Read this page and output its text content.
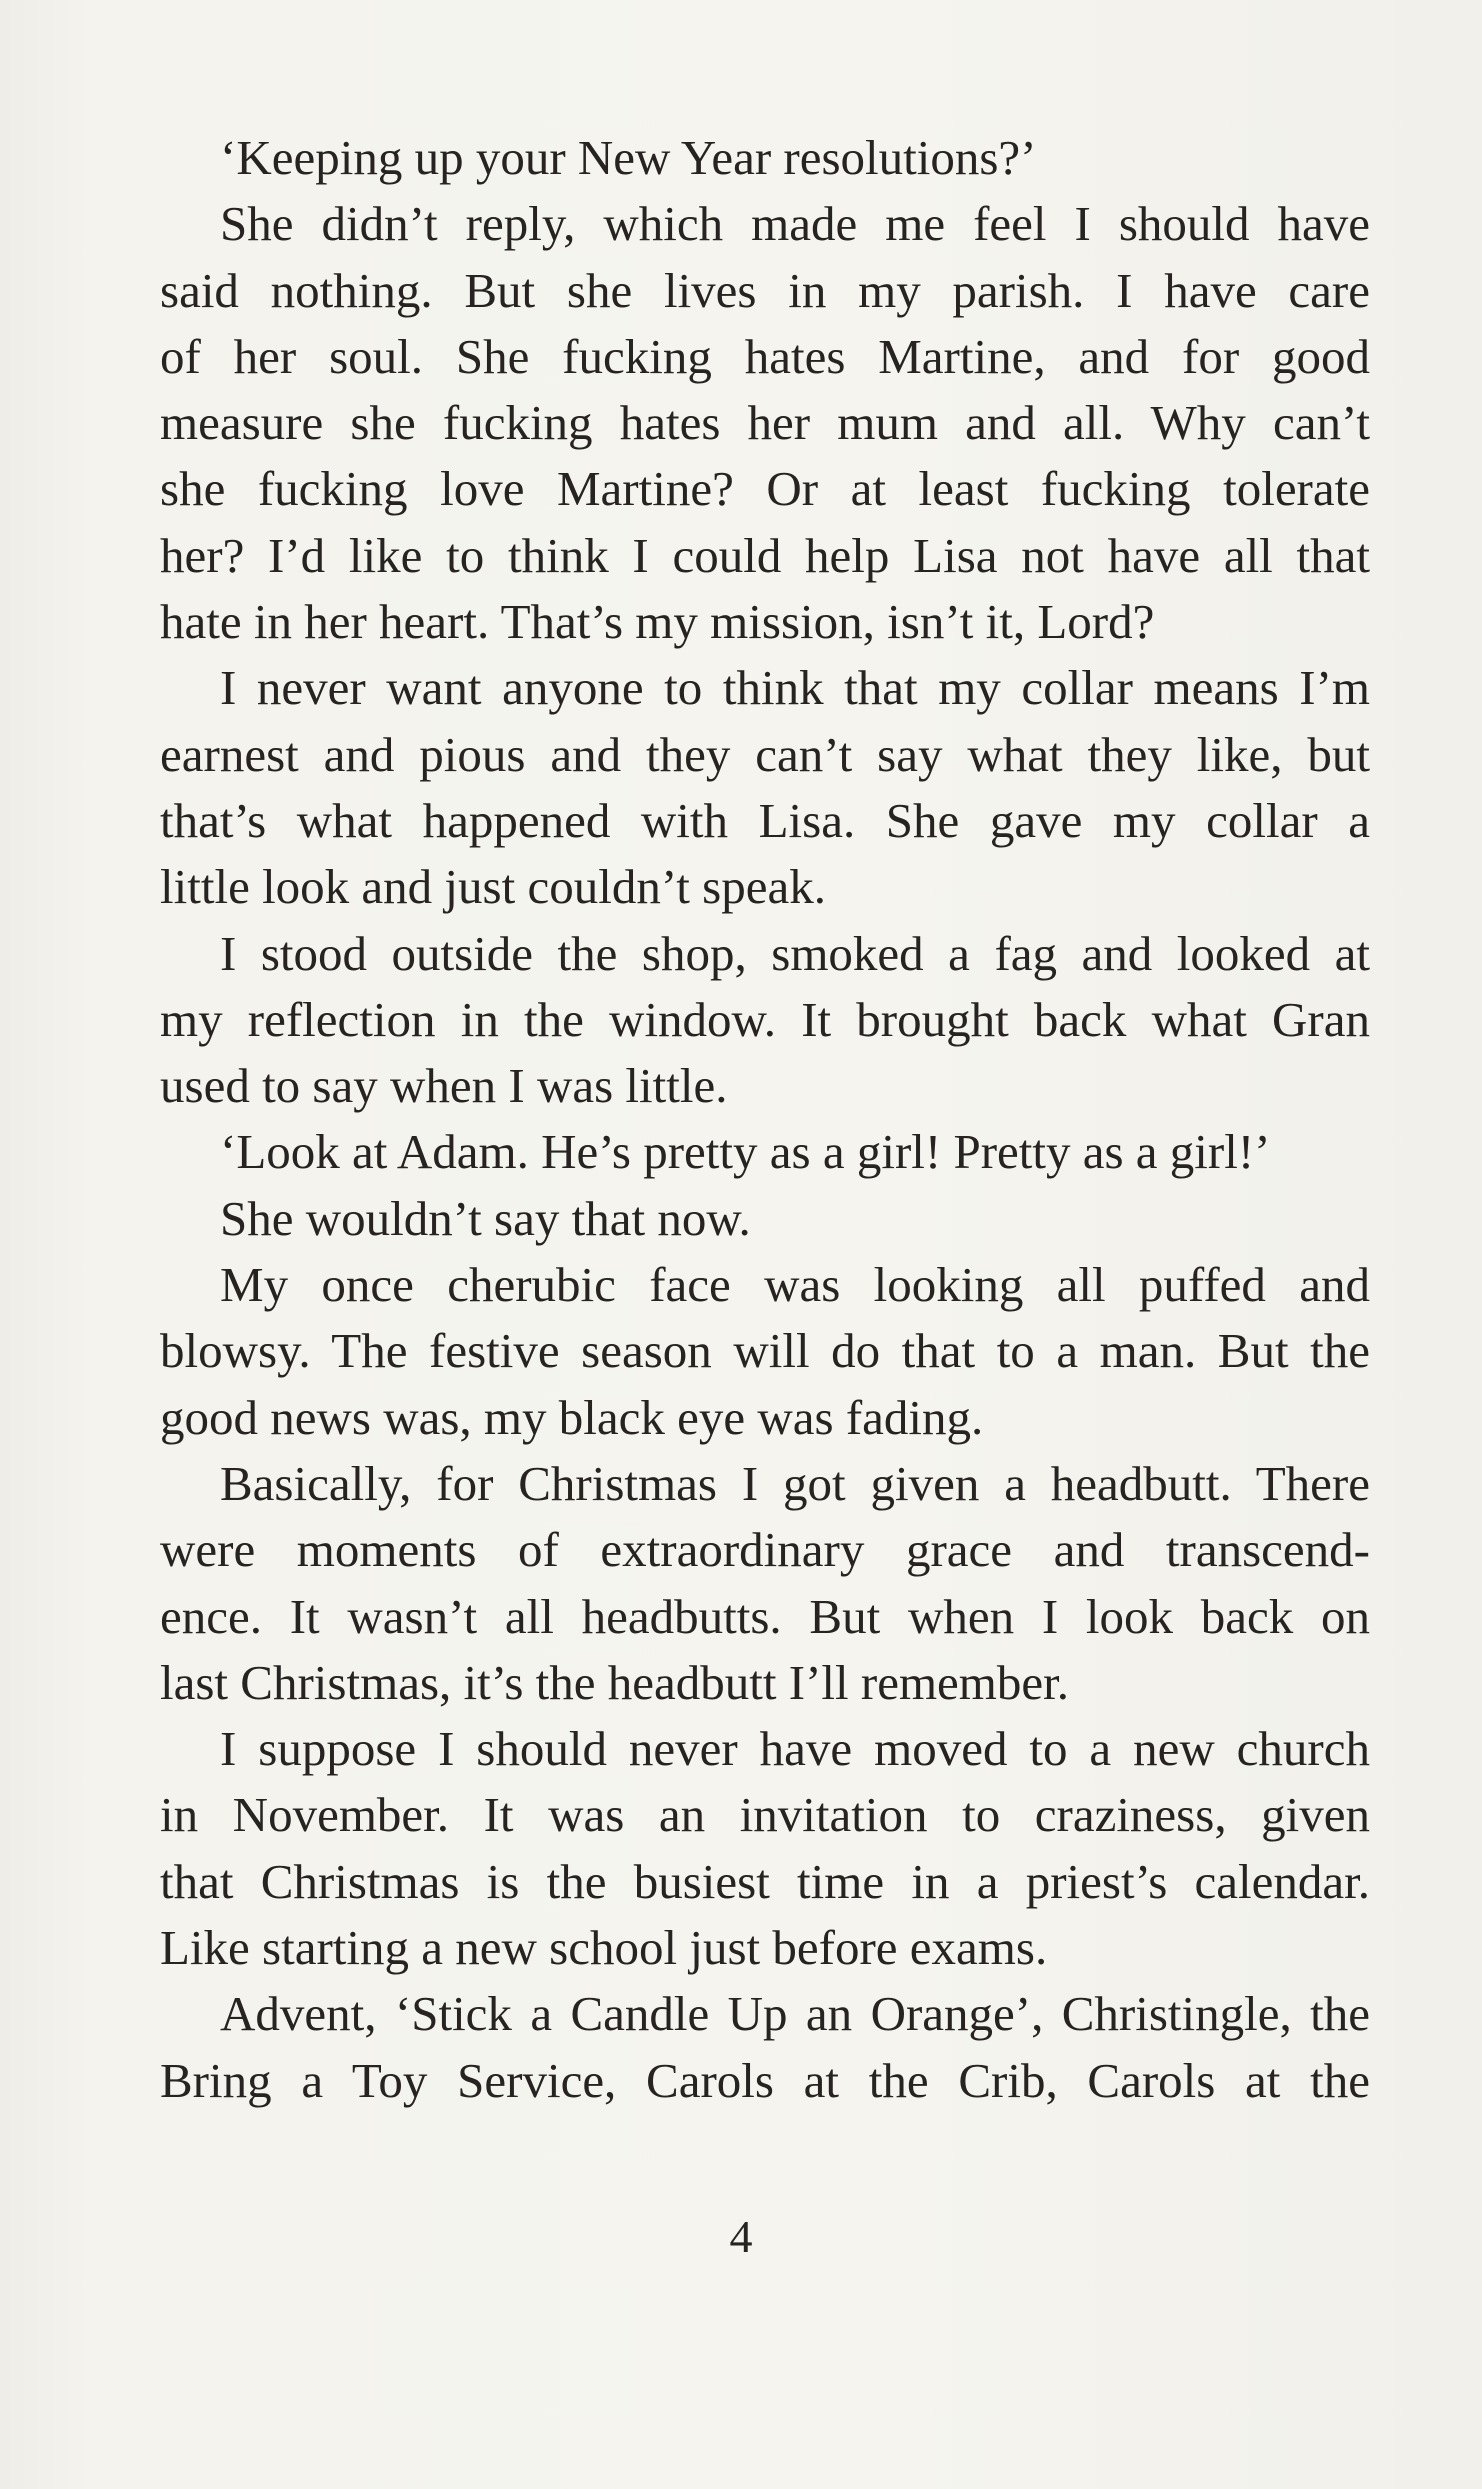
‘Keeping up your New Year resolutions?’
She didn’t reply, which made me feel I should have
said nothing. But she lives in my parish. I have care
of her soul. She fucking hates Martine, and for good
measure she fucking hates her mum and all. Why can’t
she fucking love Martine? Or at least fucking tolerate
her? I’d like to think I could help Lisa not have all that
hate in her heart. That’s my mission, isn’t it, Lord?
I never want anyone to think that my collar means I’m
earnest and pious and they can’t say what they like, but
that’s what happened with Lisa. She gave my collar a
little look and just couldn’t speak.
I stood outside the shop, smoked a fag and looked at
my reflection in the window. It brought back what Gran
used to say when I was little.
‘Look at Adam. He’s pretty as a girl! Pretty as a girl!’
She wouldn’t say that now.
My once cherubic face was looking all puffed and
blowsy. The festive season will do that to a man. But the
good news was, my black eye was fading.
Basically, for Christmas I got given a headbutt. There
were moments of extraordinary grace and transcend-
ence. It wasn’t all headbutts. But when I look back on
last Christmas, it’s the headbutt I’ll remember.
I suppose I should never have moved to a new church
in November. It was an invitation to craziness, given
that Christmas is the busiest time in a priest’s calendar.
Like starting a new school just before exams.
Advent, ‘Stick a Candle Up an Orange’, Christingle, the
Bring a Toy Service, Carols at the Crib, Carols at the
4
